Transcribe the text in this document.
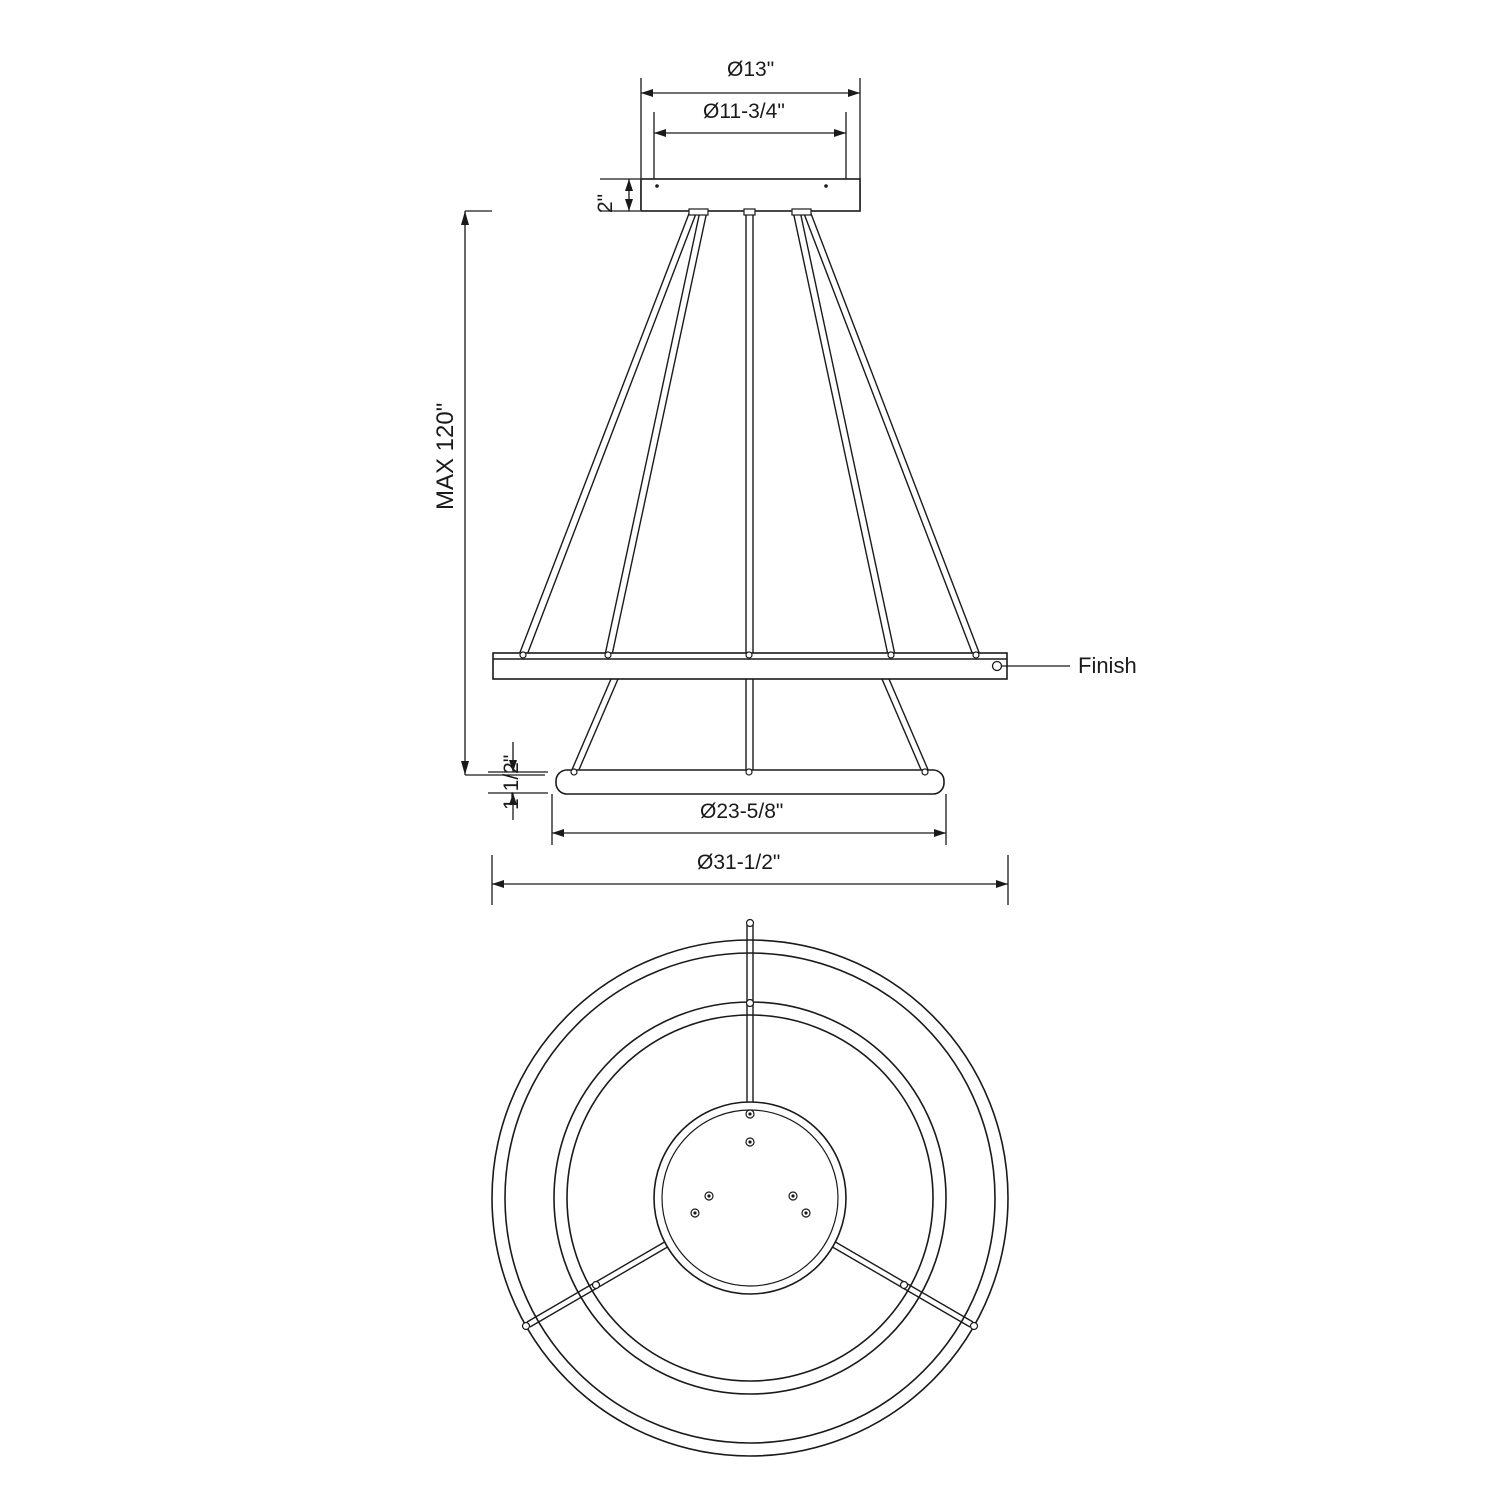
Ø13"
Ø11-3/4"
2"
MAX 120"
1-1/2"
Ø23-5/8"
Ø31-1/2"
Finish
